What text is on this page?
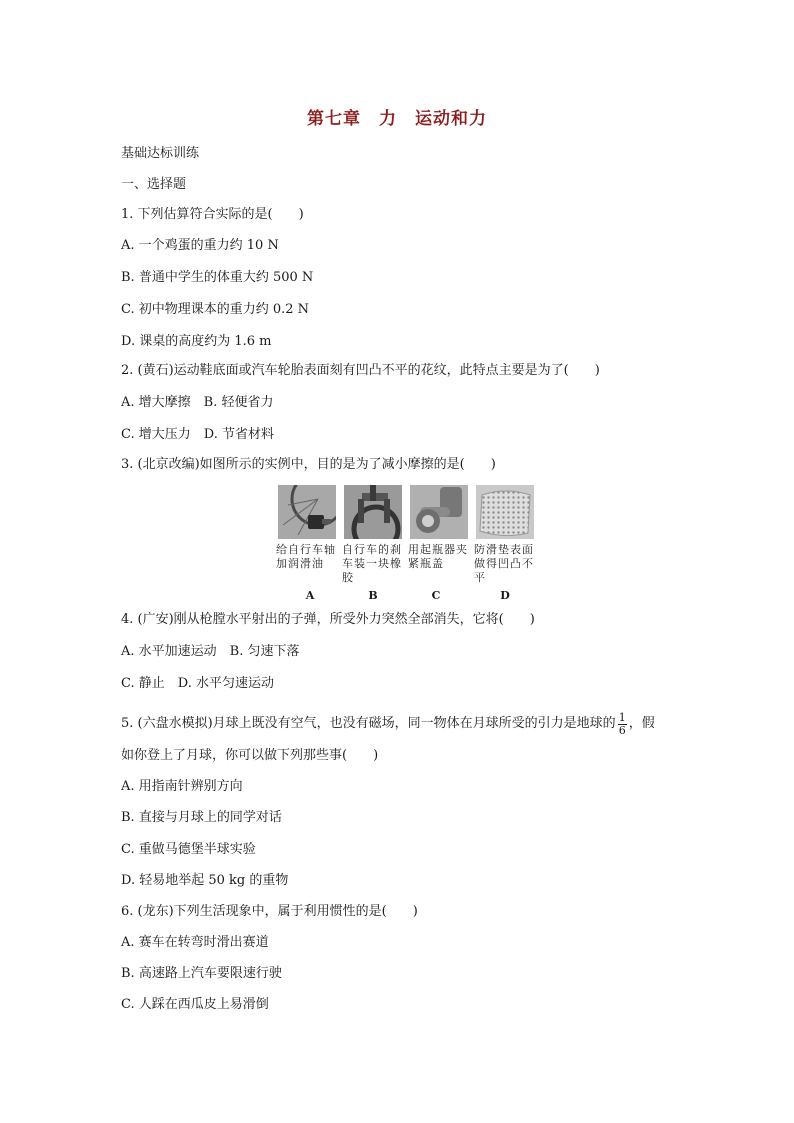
第七章　力　运动和力
基础达标训练
一、选择题
1. 下列估算符合实际的是(　　)
A. 一个鸡蛋的重力约 10 N
B. 普通中学生的体重大约 500 N
C. 初中物理课本的重力约 0.2 N
D. 课桌的高度约为 1.6 m
2. (黄石)运动鞋底面或汽车轮胎表面刻有凹凸不平的花纹，此特点主要是为了(　　)
A. 增大摩擦　B. 轻便省力
C. 增大压力　D. 节省材料
3. (北京改编)如图所示的实例中，目的是为了减小摩擦的是(　　)
给自行车轴
加润滑油
自行车的刹
车装一块橡
胶
用起瓶器夹
紧瓶盖
防滑垫表面
做得凹凸不
平
A	B	C	D
4. (广安)刚从枪膛水平射出的子弹，所受外力突然全部消失，它将(　　)
A. 水平加速运动　B. 匀速下落
C. 静止　D. 水平匀速运动
5. (六盘水模拟)月球上既没有空气，也没有磁场，同一物体在月球所受的引力是地球的 $\frac{1}{6}$ ，假
如你登上了月球，你可以做下列那些事(　　)
A. 用指南针辨别方向
B. 直接与月球上的同学对话
C. 重做马德堡半球实验
D. 轻易地举起 50 kg 的重物
6. (龙东)下列生活现象中，属于利用惯性的是(　　)
A. 赛车在转弯时滑出赛道
B. 高速路上汽车要限速行驶
C. 人踩在西瓜皮上易滑倒
